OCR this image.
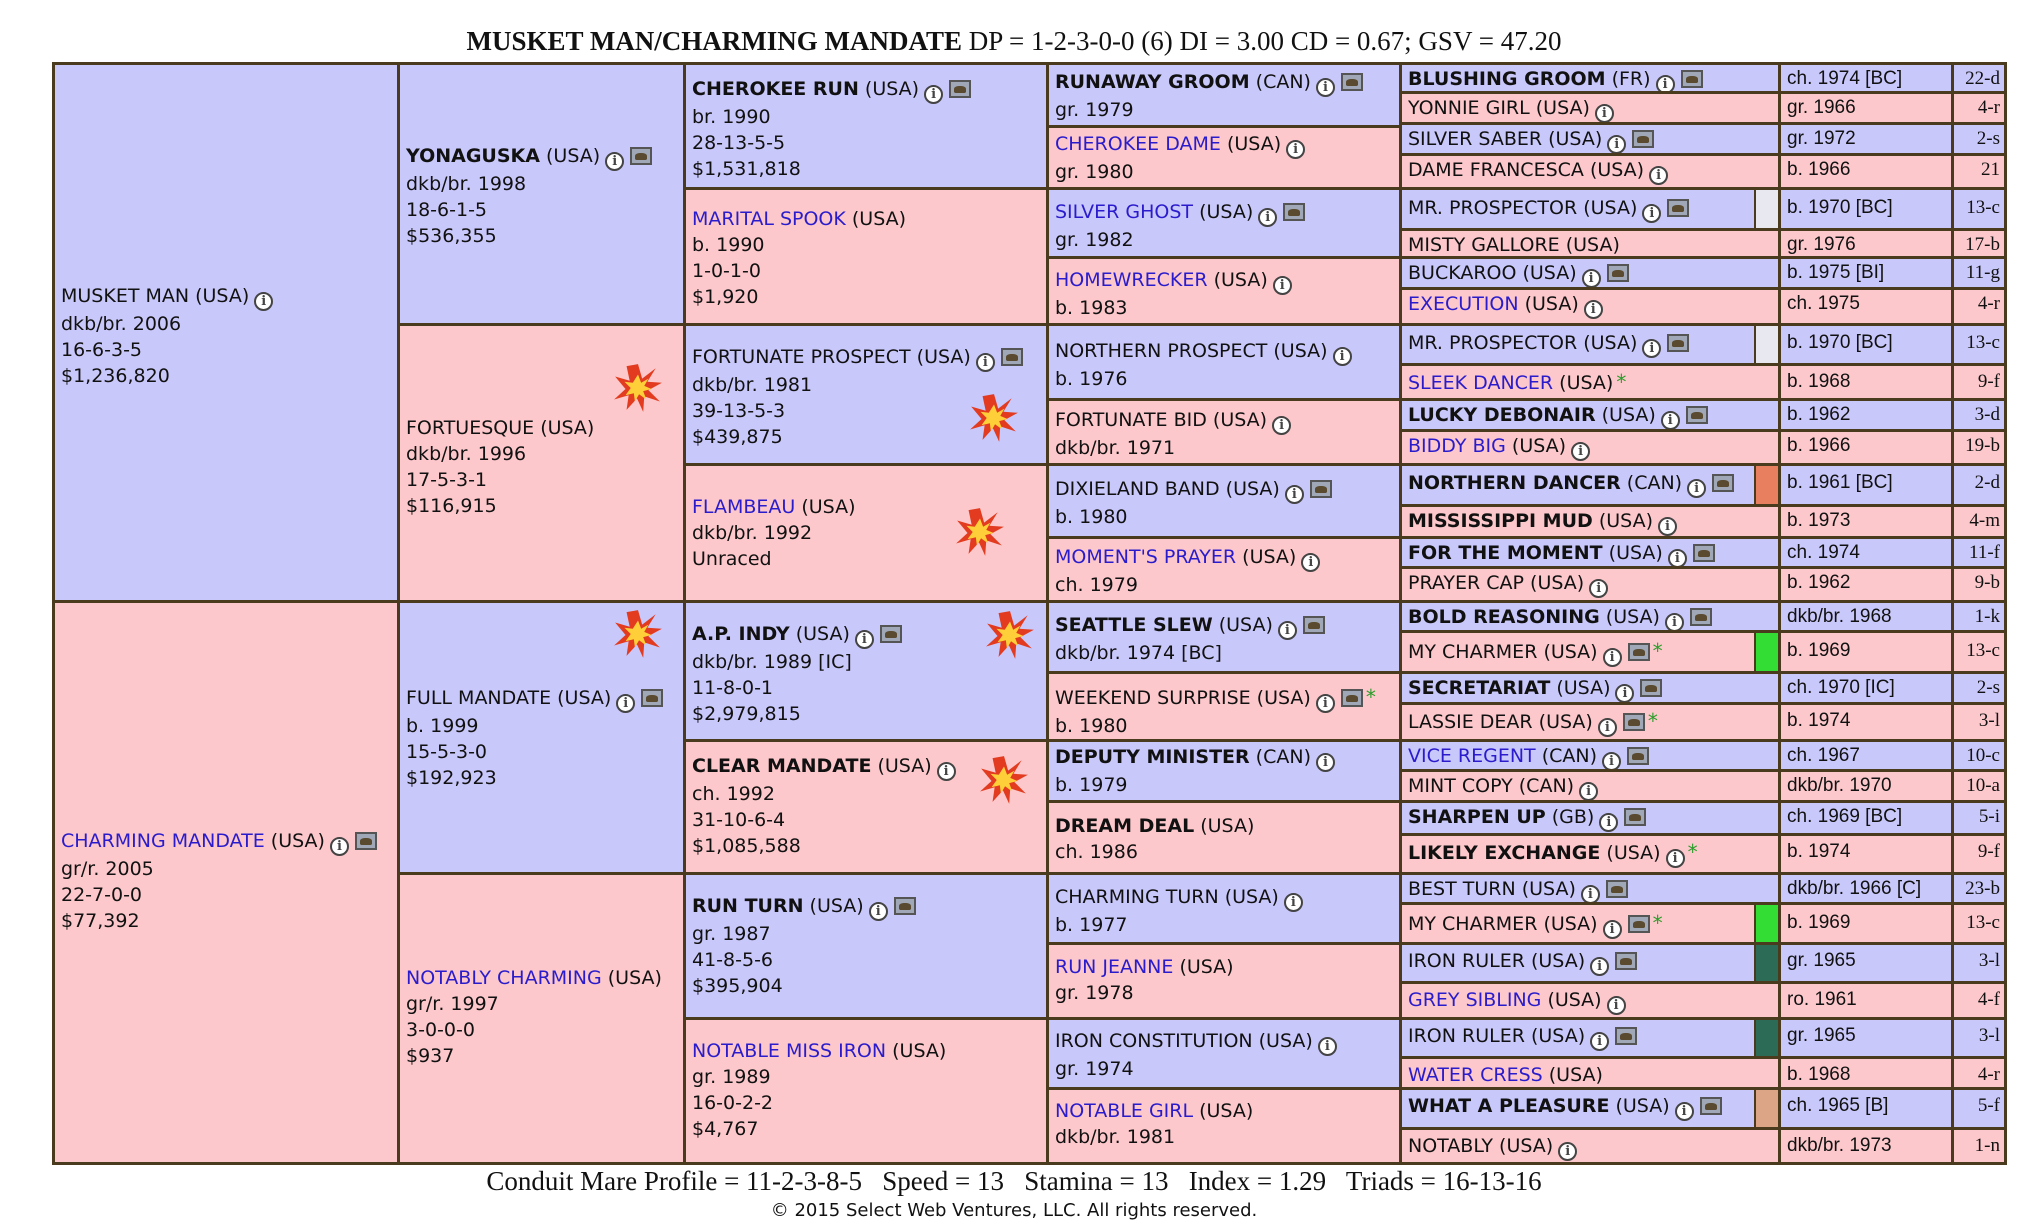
MUSKET MAN/CHARMING MANDATE DP = 1-2-3-0-0 (6) DI = 3.00 CD = 0.67; GSV = 47.20
MUSKET MAN (USA) i
dkb/br. 2006
16-6-3-5
$1,236,820
CHARMING MANDATE (USA) i
gr/r. 2005
22-7-0-0
$77,392
YONAGUSKA (USA) i
dkb/br. 1998
18-6-1-5
$536,355
FORTUESQUE (USA)
dkb/br. 1996
17-5-3-1
$116,915
FULL MANDATE (USA) i
b. 1999
15-5-3-0
$192,923
NOTABLY CHARMING (USA)
gr/r. 1997
3-0-0-0
$937
CHEROKEE RUN (USA) i
br. 1990
28-13-5-5
$1,531,818
MARITAL SPOOK (USA)
b. 1990
1-0-1-0
$1,920
FORTUNATE PROSPECT (USA) i
dkb/br. 1981
39-13-5-3
$439,875
FLAMBEAU (USA)
dkb/br. 1992
Unraced
A.P. INDY (USA) i
dkb/br. 1989 [IC]
11-8-0-1
$2,979,815
CLEAR MANDATE (USA) i
ch. 1992
31-10-6-4
$1,085,588
RUN TURN (USA) i
gr. 1987
41-8-5-6
$395,904
NOTABLE MISS IRON (USA)
gr. 1989
16-0-2-2
$4,767
RUNAWAY GROOM (CAN) i
gr. 1979
CHEROKEE DAME (USA) i
gr. 1980
SILVER GHOST (USA) i
gr. 1982
HOMEWRECKER (USA) i
b. 1983
NORTHERN PROSPECT (USA) i
b. 1976
FORTUNATE BID (USA) i
dkb/br. 1971
DIXIELAND BAND (USA) i
b. 1980
MOMENT'S PRAYER (USA) i
ch. 1979
SEATTLE SLEW (USA) i
dkb/br. 1974 [BC]
WEEKEND SURPRISE (USA) i *
b. 1980
DEPUTY MINISTER (CAN) i
b. 1979
DREAM DEAL (USA)
ch. 1986
CHARMING TURN (USA) i
b. 1977
RUN JEANNE (USA)
gr. 1978
IRON CONSTITUTION (USA) i
gr. 1974
NOTABLE GIRL (USA)
dkb/br. 1981
BLUSHING GROOM (FR) i
YONNIE GIRL (USA) i
SILVER SABER (USA) i
DAME FRANCESCA (USA) i
MR. PROSPECTOR (USA) i
MISTY GALLORE (USA)
BUCKAROO (USA) i
EXECUTION (USA) i
MR. PROSPECTOR (USA) i
SLEEK DANCER (USA) *
LUCKY DEBONAIR (USA) i
BIDDY BIG (USA) i
NORTHERN DANCER (CAN) i
MISSISSIPPI MUD (USA) i
FOR THE MOMENT (USA) i
PRAYER CAP (USA) i
BOLD REASONING (USA) i
MY CHARMER (USA) i *
SECRETARIAT (USA) i
LASSIE DEAR (USA) i *
VICE REGENT (CAN) i
MINT COPY (CAN) i
SHARPEN UP (GB) i
LIKELY EXCHANGE (USA) i *
BEST TURN (USA) i
MY CHARMER (USA) i *
IRON RULER (USA) i
GREY SIBLING (USA) i
IRON RULER (USA) i
WATER CRESS (USA)
WHAT A PLEASURE (USA) i
NOTABLY (USA) i
ch. 1974 [BC]
gr. 1966
gr. 1972
b. 1966
b. 1970 [BC]
gr. 1976
b. 1975 [BI]
ch. 1975
b. 1970 [BC]
b. 1968
b. 1962
b. 1966
b. 1961 [BC]
b. 1973
ch. 1974
b. 1962
dkb/br. 1968
b. 1969
ch. 1970 [IC]
b. 1974
ch. 1967
dkb/br. 1970
ch. 1969 [BC]
b. 1974
dkb/br. 1966 [C]
b. 1969
gr. 1965
ro. 1961
gr. 1965
b. 1968
ch. 1965 [B]
dkb/br. 1973
22-d
4-r
2-s
21
13-c
17-b
11-g
4-r
13-c
9-f
3-d
19-b
2-d
4-m
11-f
9-b
1-k
13-c
2-s
3-l
10-c
10-a
5-i
9-f
23-b
13-c
3-l
4-f
3-l
4-r
5-f
1-n
Conduit Mare Profile = 11-2-3-8-5   Speed = 13   Stamina = 13   Index = 1.29   Triads = 16-13-16
© 2015 Select Web Ventures, LLC. All rights reserved.
